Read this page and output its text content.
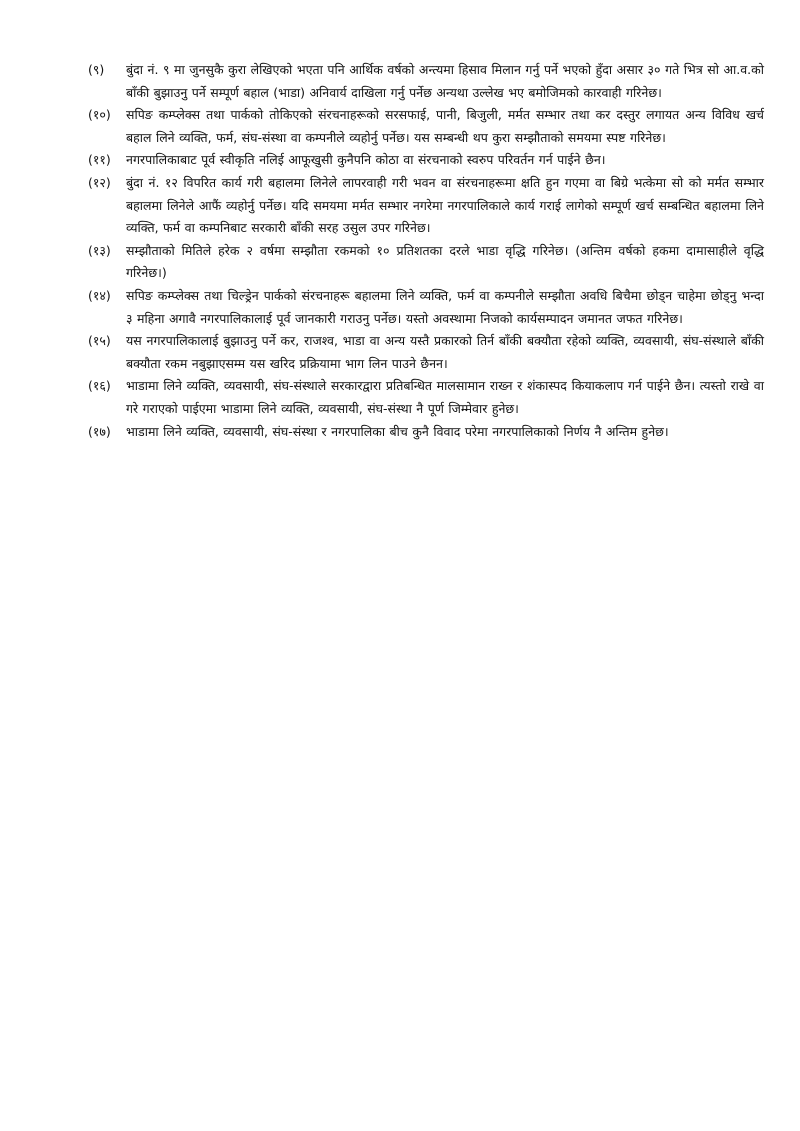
(९)	बुंदा नं. ९ मा जुनसुकै कुरा लेखिएको भएता पनि आर्थिक वर्षको अन्त्यमा हिसाव मिलान गर्नु पर्ने भएको हुँदा असार ३० गते भित्र सो आ.व.को बाँकी बुझाउनु पर्ने सम्पूर्ण बहाल (भाडा) अनिवार्य दाखिला गर्नु पर्नेछ अन्यथा उल्लेख भए बमोजिमको कारवाही गरिनेछ।
(१०)	सपिङ कम्प्लेक्स तथा पार्कको तोकिएको संरचनाहरूको सरसफाई, पानी, बिजुली, मर्मत सम्भार तथा कर दस्तुर लगायत अन्य विविध खर्च बहाल लिने व्यक्ति, फर्म, संघ-संस्था वा कम्पनीले व्यहोर्नु पर्नेछ। यस सम्बन्धी थप कुरा सम्झौताको समयमा स्पष्ट गरिनेछ।
(११)	नगरपालिकाबाट पूर्व स्वीकृति नलिई आफूखुसी कुनैपनि कोठा वा संरचनाको स्वरुप परिवर्तन गर्न पाईने छैन।
(१२)	बुंदा नं. १२ विपरित कार्य गरी बहालमा लिनेले लापरवाही गरी भवन वा संरचनाहरूमा क्षति हुन गएमा वा बिग्रे भत्केमा सो को मर्मत सम्भार बहालमा लिनेले आफैं व्यहोर्नु पर्नेछ। यदि समयमा मर्मत सम्भार नगरेमा नगरपालिकाले कार्य गराई लागेको सम्पूर्ण खर्च सम्बन्धित बहालमा लिने व्यक्ति, फर्म वा कम्पनिबाट सरकारी बाँकी सरह उसुल उपर गरिनेछ।
(१३)	सम्झौताको मितिले हरेक २ वर्षमा सम्झौता रकमको १० प्रतिशतका दरले भाडा वृद्धि गरिनेछ। (अन्तिम वर्षको हकमा दामासाहीले वृद्धि गरिनेछ।)
(१४)	सपिङ कम्प्लेक्स तथा चिल्ड्रेन पार्कको संरचनाहरू बहालमा लिने व्यक्ति, फर्म वा कम्पनीले सम्झौता अवधि बिचैमा छोड्न चाहेमा छोड्नु भन्दा ३ महिना अगावै नगरपालिकालाई पूर्व जानकारी गराउनु पर्नेछ। यस्तो अवस्थामा निजको कार्यसम्पादन जमानत जफत गरिनेछ।
(१५)	यस नगरपालिकालाई बुझाउनु पर्ने कर, राजश्व, भाडा वा अन्य यस्तै प्रकारको तिर्न बाँकी बक्यौता रहेको व्यक्ति, व्यवसायी, संघ-संस्थाले बाँकी बक्यौता रकम नबुझाएसम्म यस खरिद प्रक्रियामा भाग लिन पाउने छैनन।
(१६)	भाडामा लिने व्यक्ति, व्यवसायी, संघ-संस्थाले सरकारद्वारा प्रतिबन्धित मालसामान राख्न र शंकास्पद कियाकलाप गर्न पाईने छैन। त्यस्तो राखे वा गरे गराएको पाईएमा भाडामा लिने व्यक्ति, व्यवसायी, संघ-संस्था नै पूर्ण जिम्मेवार हुनेछ।
(१७)	भाडामा लिने व्यक्ति, व्यवसायी, संघ-संस्था र नगरपालिका बीच कुनै विवाद परेमा नगरपालिकाको निर्णय नै अन्तिम हुनेछ।
